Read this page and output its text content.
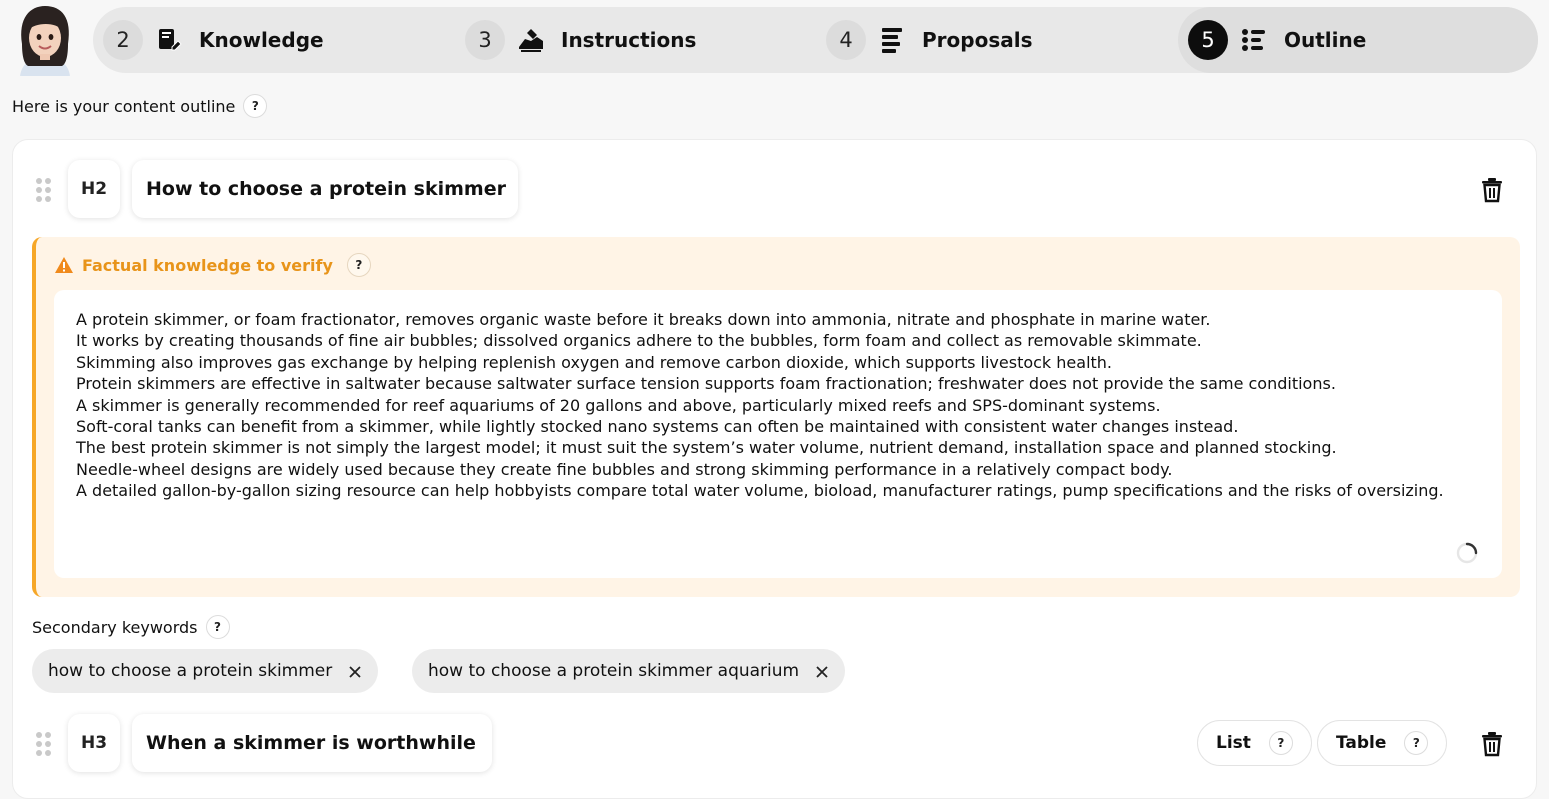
2	Knowledge	3	Instructions	4	Proposals	5	Outline
Here is your content outline	?
H2	How to choose a protein skimmer
Factual knowledge to verify	?
A protein skimmer, or foam fractionator, removes organic waste before it breaks down into ammonia, nitrate and phosphate in marine water.
It works by creating thousands of fine air bubbles; dissolved organics adhere to the bubbles, form foam and collect as removable skimmate.
Skimming also improves gas exchange by helping replenish oxygen and remove carbon dioxide, which supports livestock health.
Protein skimmers are effective in saltwater because saltwater surface tension supports foam fractionation; freshwater does not provide the same conditions.
A skimmer is generally recommended for reef aquariums of 20 gallons and above, particularly mixed reefs and SPS-dominant systems.
Soft-coral tanks can benefit from a skimmer, while lightly stocked nano systems can often be maintained with consistent water changes instead.
The best protein skimmer is not simply the largest model; it must suit the system’s water volume, nutrient demand, installation space and planned stocking.
Needle-wheel designs are widely used because they create fine bubbles and strong skimming performance in a relatively compact body.
A detailed gallon-by-gallon sizing resource can help hobbyists compare total water volume, bioload, manufacturer ratings, pump specifications and the risks of oversizing.
Secondary keywords	?
how to choose a protein skimmer	how to choose a protein skimmer aquarium
H3	When a skimmer is worthwhile	List	?	Table	?
